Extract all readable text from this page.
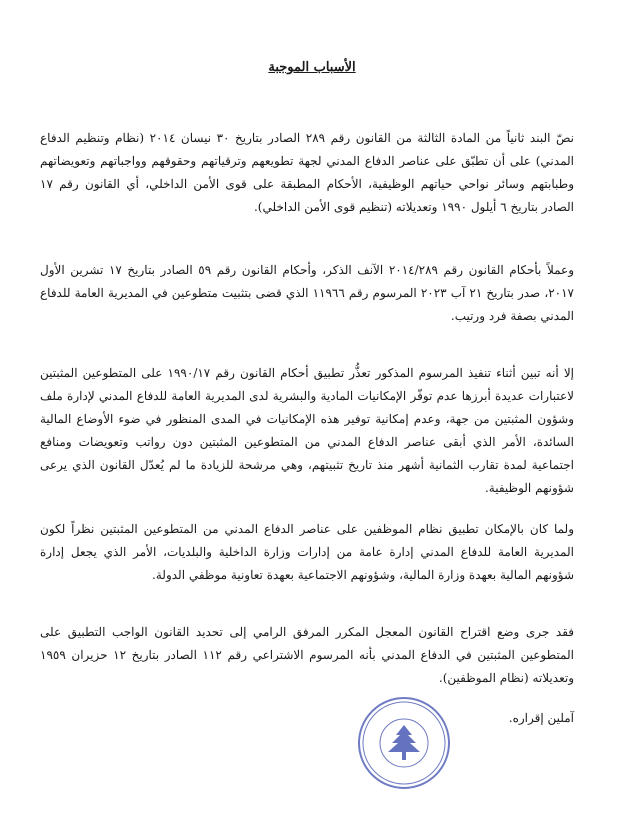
الأسباب الموجبة

نصّ البند ثانياً من المادة الثالثة من القانون رقم ٢٨٩ الصادر بتاريخ ٣٠ نيسان ٢٠١٤ (نظام وتنظيم الدفاع المدني) على أن تطبّق على عناصر الدفاع المدني لجهة تطويعهم وترقياتهم وحقوقهم وواجباتهم وتعويضاتهم وطبابتهم وسائر نواحي حياتهم الوظيفية، الأحكام المطبقة على قوى الأمن الداخلي، أي القانون رقم ١٧ الصادر بتاريخ ٦ أيلول ١٩٩٠ وتعديلاته (تنظيم قوى الأمن الداخلي).

وعملاً بأحكام القانون رقم ٢٠١٤/٢٨٩ الآنف الذكر، وأحكام القانون رقم ٥٩ الصادر بتاريخ ١٧ تشرين الأول ٢٠١٧، صدر بتاريخ ٢١ آب ٢٠٢٣ المرسوم رقم ١١٩٦٦ الذي قضى بتثبيت متطوعين في المديرية العامة للدفاع المدني بصفة فرد ورتيب.

إلا أنه تبين أثناء تنفيذ المرسوم المذكور تعذُّر تطبيق أحكام القانون رقم ١٩٩٠/١٧ على المتطوعين المثبتين لاعتبارات عديدة أبرزها عدم توفّر الإمكانيات المادية والبشرية لدى المديرية العامة للدفاع المدني لإدارة ملف وشؤون المثبتين من جهة، وعدم إمكانية توفير هذه الإمكانيات في المدى المنظور في ضوء الأوضاع المالية السائدة، الأمر الذي أبقى عناصر الدفاع المدني من المتطوعين المثبتين دون رواتب وتعويضات ومنافع اجتماعية لمدة تقارب الثمانية أشهر منذ تاريخ تثبيتهم، وهي مرشحة للزيادة ما لم يُعدّل القانون الذي يرعى شؤونهم الوظيفية.

ولما كان بالإمكان تطبيق نظام الموظفين على عناصر الدفاع المدني من المتطوعين المثبتين نظراً لكون المديرية العامة للدفاع المدني إدارة عامة من إدارات وزارة الداخلية والبلديات، الأمر الذي يجعل إدارة شؤونهم المالية بعهدة وزارة المالية، وشؤونهم الاجتماعية بعهدة تعاونية موظفي الدولة.

فقد جرى وضع اقتراح القانون المعجل المكرر المرفق الرامي إلى تحديد القانون الواجب التطبيق على المتطوعين المثبتين في الدفاع المدني بأنه المرسوم الاشتراعي رقم ١١٢ الصادر بتاريخ ١٢ حزيران ١٩٥٩ وتعديلاته (نظام الموظفين).

آملين إقراره.
